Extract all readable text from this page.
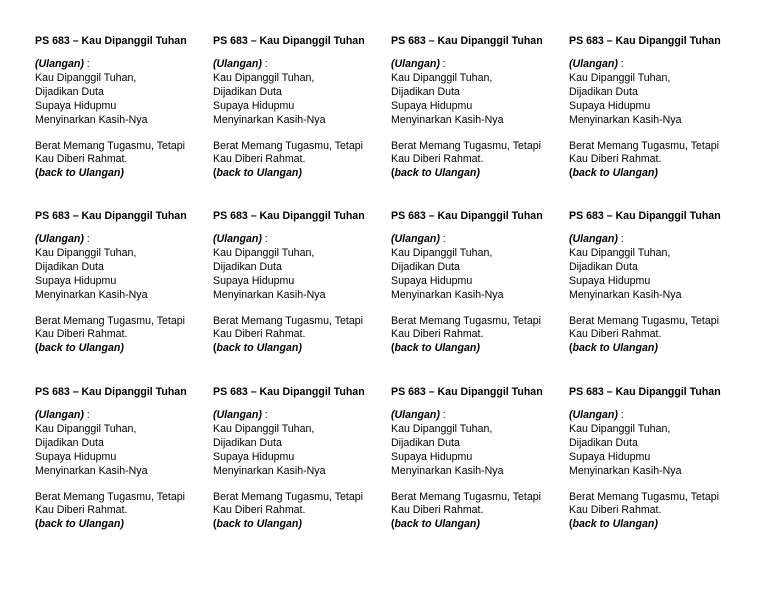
PS 683 – Kau Dipanggil Tuhan
(Ulangan) :
Kau Dipanggil Tuhan,
Dijadikan Duta
Supaya Hidupmu
Menyinarkan Kasih-Nya
Berat Memang Tugasmu, Tetapi
Kau Diberi Rahmat.
(back to Ulangan)
PS 683 – Kau Dipanggil Tuhan
(Ulangan) :
Kau Dipanggil Tuhan,
Dijadikan Duta
Supaya Hidupmu
Menyinarkan Kasih-Nya
Berat Memang Tugasmu, Tetapi
Kau Diberi Rahmat.
(back to Ulangan)
PS 683 – Kau Dipanggil Tuhan
(Ulangan) :
Kau Dipanggil Tuhan,
Dijadikan Duta
Supaya Hidupmu
Menyinarkan Kasih-Nya
Berat Memang Tugasmu, Tetapi
Kau Diberi Rahmat.
(back to Ulangan)
PS 683 – Kau Dipanggil Tuhan
(Ulangan) :
Kau Dipanggil Tuhan,
Dijadikan Duta
Supaya Hidupmu
Menyinarkan Kasih-Nya
Berat Memang Tugasmu, Tetapi
Kau Diberi Rahmat.
(back to Ulangan)
PS 683 – Kau Dipanggil Tuhan
(Ulangan) :
Kau Dipanggil Tuhan,
Dijadikan Duta
Supaya Hidupmu
Menyinarkan Kasih-Nya
Berat Memang Tugasmu, Tetapi
Kau Diberi Rahmat.
(back to Ulangan)
PS 683 – Kau Dipanggil Tuhan
(Ulangan) :
Kau Dipanggil Tuhan,
Dijadikan Duta
Supaya Hidupmu
Menyinarkan Kasih-Nya
Berat Memang Tugasmu, Tetapi
Kau Diberi Rahmat.
(back to Ulangan)
PS 683 – Kau Dipanggil Tuhan
(Ulangan) :
Kau Dipanggil Tuhan,
Dijadikan Duta
Supaya Hidupmu
Menyinarkan Kasih-Nya
Berat Memang Tugasmu, Tetapi
Kau Diberi Rahmat.
(back to Ulangan)
PS 683 – Kau Dipanggil Tuhan
(Ulangan) :
Kau Dipanggil Tuhan,
Dijadikan Duta
Supaya Hidupmu
Menyinarkan Kasih-Nya
Berat Memang Tugasmu, Tetapi
Kau Diberi Rahmat.
(back to Ulangan)
PS 683 – Kau Dipanggil Tuhan
(Ulangan) :
Kau Dipanggil Tuhan,
Dijadikan Duta
Supaya Hidupmu
Menyinarkan Kasih-Nya
Berat Memang Tugasmu, Tetapi
Kau Diberi Rahmat.
(back to Ulangan)
PS 683 – Kau Dipanggil Tuhan
(Ulangan) :
Kau Dipanggil Tuhan,
Dijadikan Duta
Supaya Hidupmu
Menyinarkan Kasih-Nya
Berat Memang Tugasmu, Tetapi
Kau Diberi Rahmat.
(back to Ulangan)
PS 683 – Kau Dipanggil Tuhan
(Ulangan) :
Kau Dipanggil Tuhan,
Dijadikan Duta
Supaya Hidupmu
Menyinarkan Kasih-Nya
Berat Memang Tugasmu, Tetapi
Kau Diberi Rahmat.
(back to Ulangan)
PS 683 – Kau Dipanggil Tuhan
(Ulangan) :
Kau Dipanggil Tuhan,
Dijadikan Duta
Supaya Hidupmu
Menyinarkan Kasih-Nya
Berat Memang Tugasmu, Tetapi
Kau Diberi Rahmat.
(back to Ulangan)
